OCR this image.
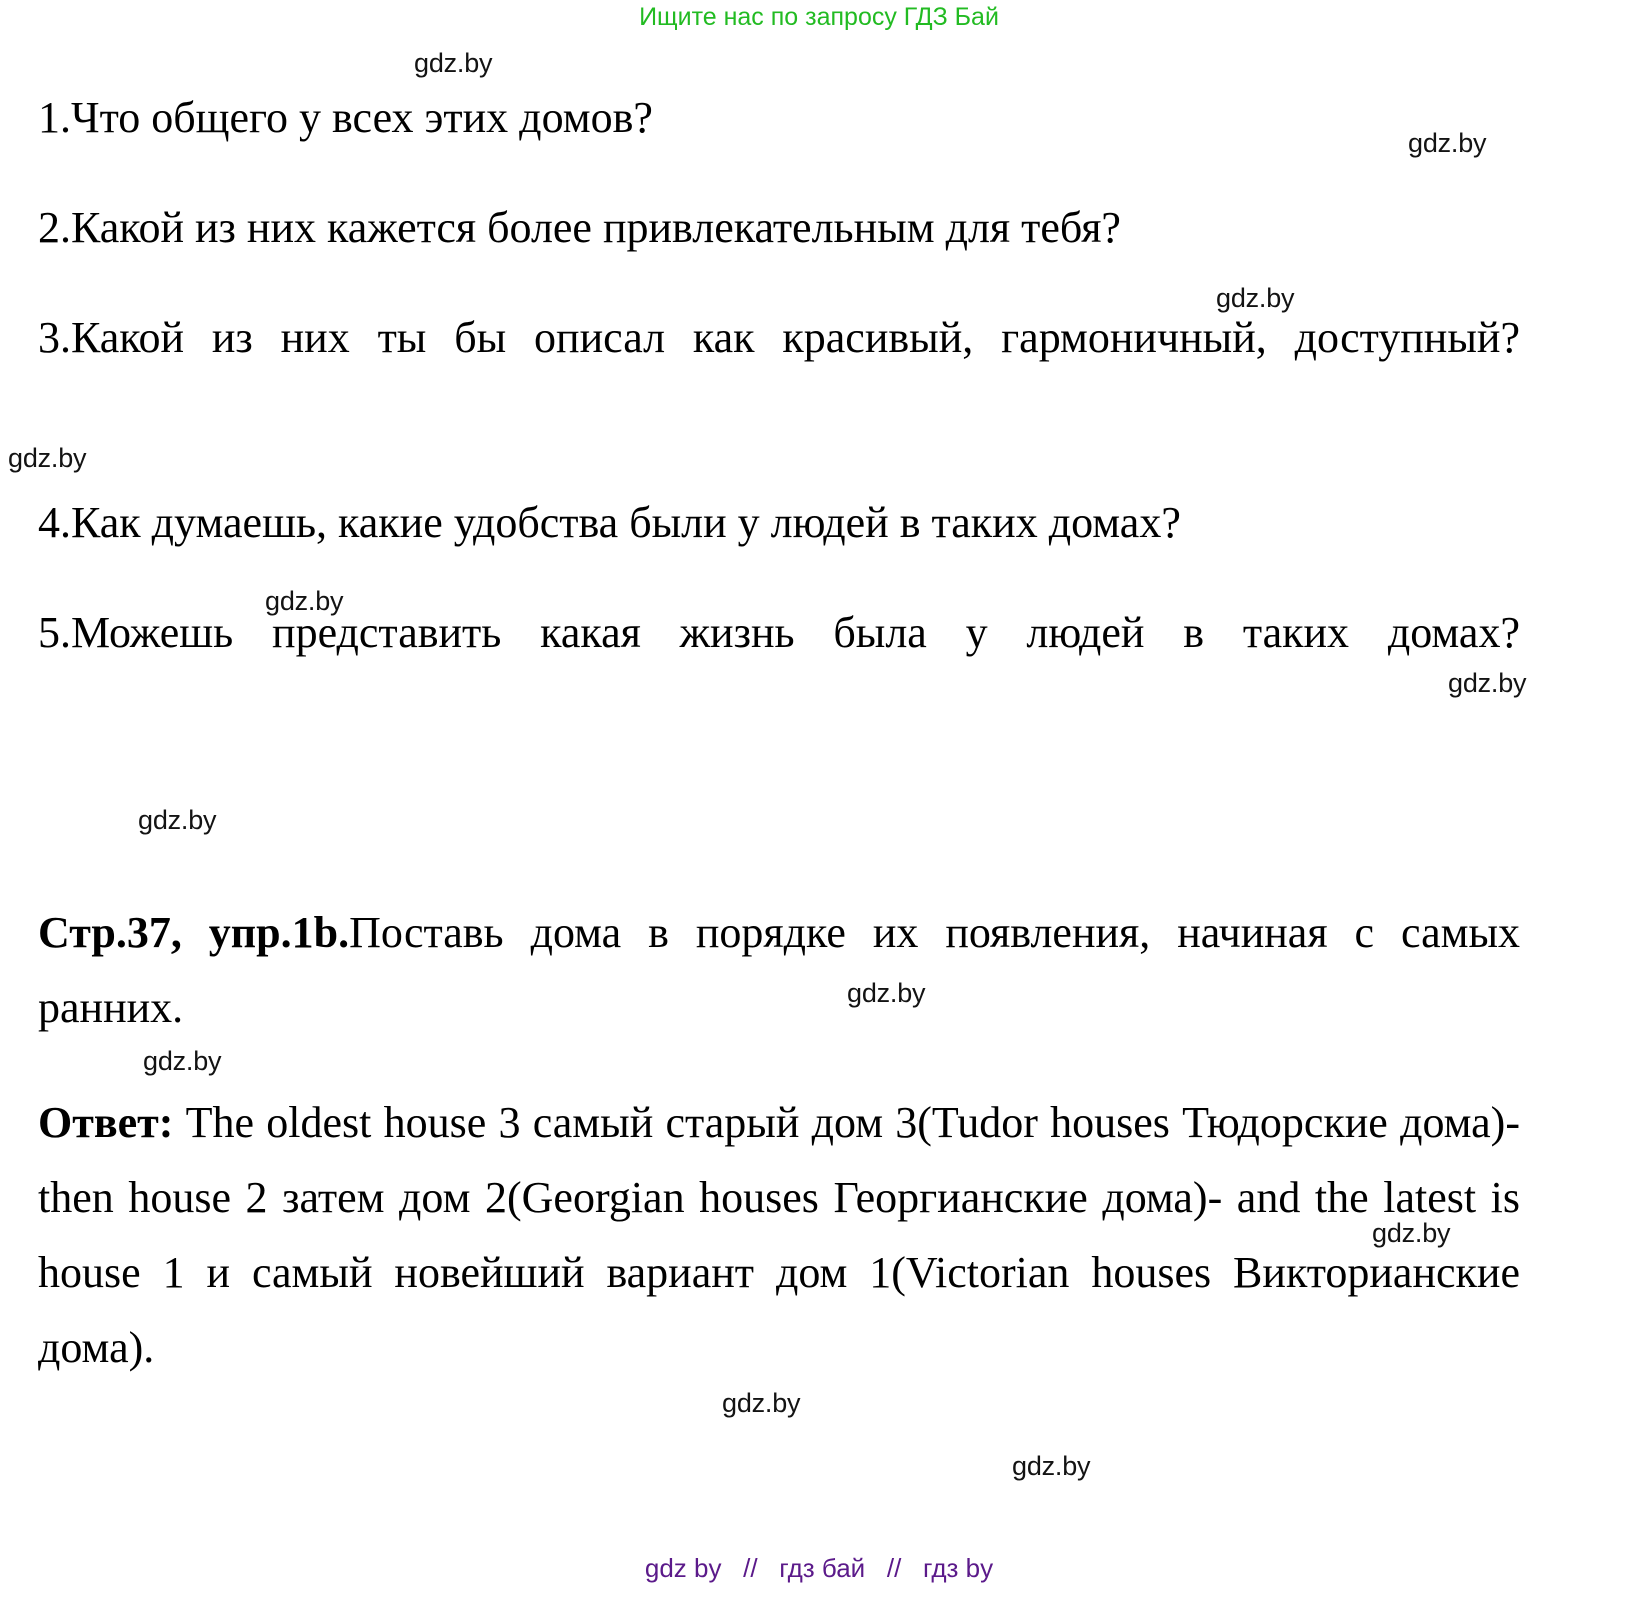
Ищите нас по запросу ГДЗ Бай
gdz.by
gdz.by
gdz.by
gdz.by
gdz.by
gdz.by
gdz.by
gdz.by
gdz.by
gdz.by
gdz.by
gdz.by
1.Что общего у всех этих домов?
2.Какой из них кажется более привлекательным для тебя?
3.Какой из них ты бы описал как красивый, гармоничный, доступный?
4.Как думаешь, какие удобства были у людей в таких домах?
5.Можешь представить какая жизнь была у людей в таких домах?
Стр.37, упр.1b.Поставь дома в порядке их появления, начиная с самых ранних.
Ответ: The oldest house 3 самый старый дом 3(Tudor houses Тюдорские дома)- then house 2 затем дом 2(Georgian houses Георгианские дома)- and the latest is house 1 и самый новейший вариант дом 1(Victorian houses Викторианские дома).
gdz by   //   гдз бай   //   гдз by
